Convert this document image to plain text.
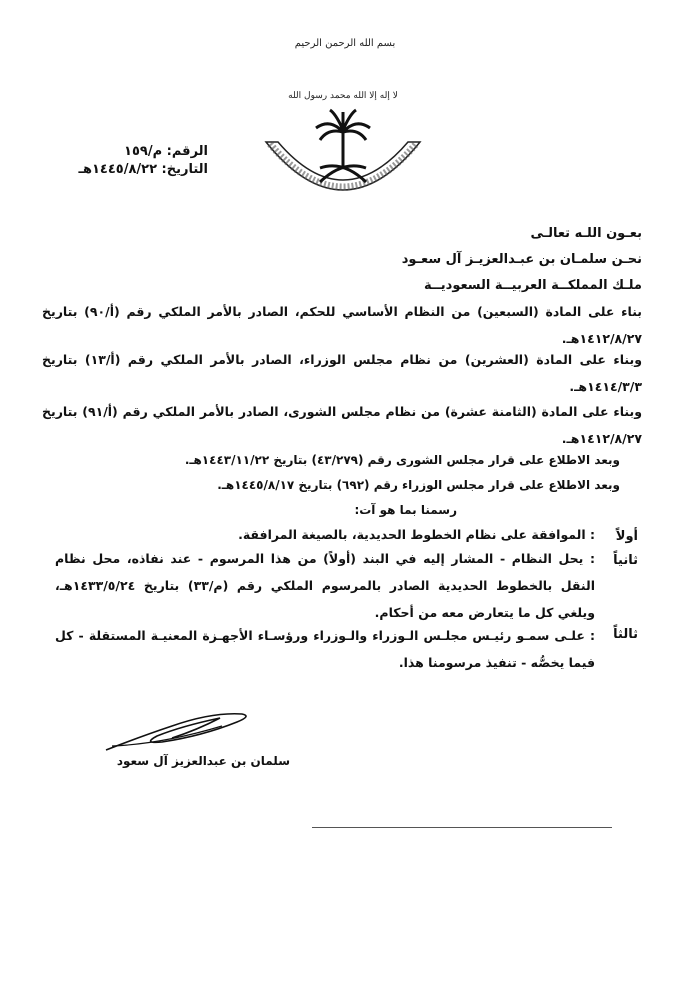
بسم الله الرحمن الرحيم
لا إله إلا الله محمد رسول الله
الرقم: م/١٥٩
التاريخ: ١٤٤٥/٨/٢٢هـ
بعـون اللـه تعالـى
نحـن سلمـان بن عبـدالعزيـز آل سعـود
ملـك المملكــة العربيــة السعوديــة
بناء على المادة (السبعين) من النظام الأساسي للحكم، الصادر بالأمر الملكي رقم (أ/٩٠) بتاريخ ١٤١٢/٨/٢٧هـ.
وبناء على المادة (العشرين) من نظام مجلس الوزراء، الصادر بالأمر الملكي رقم (أ/١٣) بتاريخ ١٤١٤/٣/٣هـ.
وبناء على المادة (الثامنة عشرة) من نظام مجلس الشورى، الصادر بالأمر الملكي رقم (أ/٩١) بتاريخ ١٤١٢/٨/٢٧هـ.
وبعد الاطلاع على قرار مجلس الشورى رقم (٤٣/٢٧٩) بتاريخ ١٤٤٣/١١/٢٢هـ.
وبعد الاطلاع على قرار مجلس الوزراء رقم (٦٩٢) بتاريخ ١٤٤٥/٨/١٧هـ.
رسمنا بما هو آت:
أولاً
: الموافقة على نظام الخطوط الحديدية، بالصيغة المرافقة.
ثانياً
: يحل النظام - المشار إليه في البند (أولاً) من هذا المرسوم - عند نفاذه، محل نظام النقل بالخطوط الحديدية الصادر بالمرسوم الملكي رقم (م/٣٣) بتاريخ ١٤٣٣/٥/٢٤هـ، ويلغي كل ما يتعارض معه من أحكام.
ثالثاً
: علـى سمـو رئيـس مجلـس الـوزراء والـوزراء ورؤسـاء الأجهـزة المعنيـة المستقلة - كل فيما يخصُّه - تنفيذ مرسومنا هذا.
سلمان بن عبدالعزيز آل سعود
